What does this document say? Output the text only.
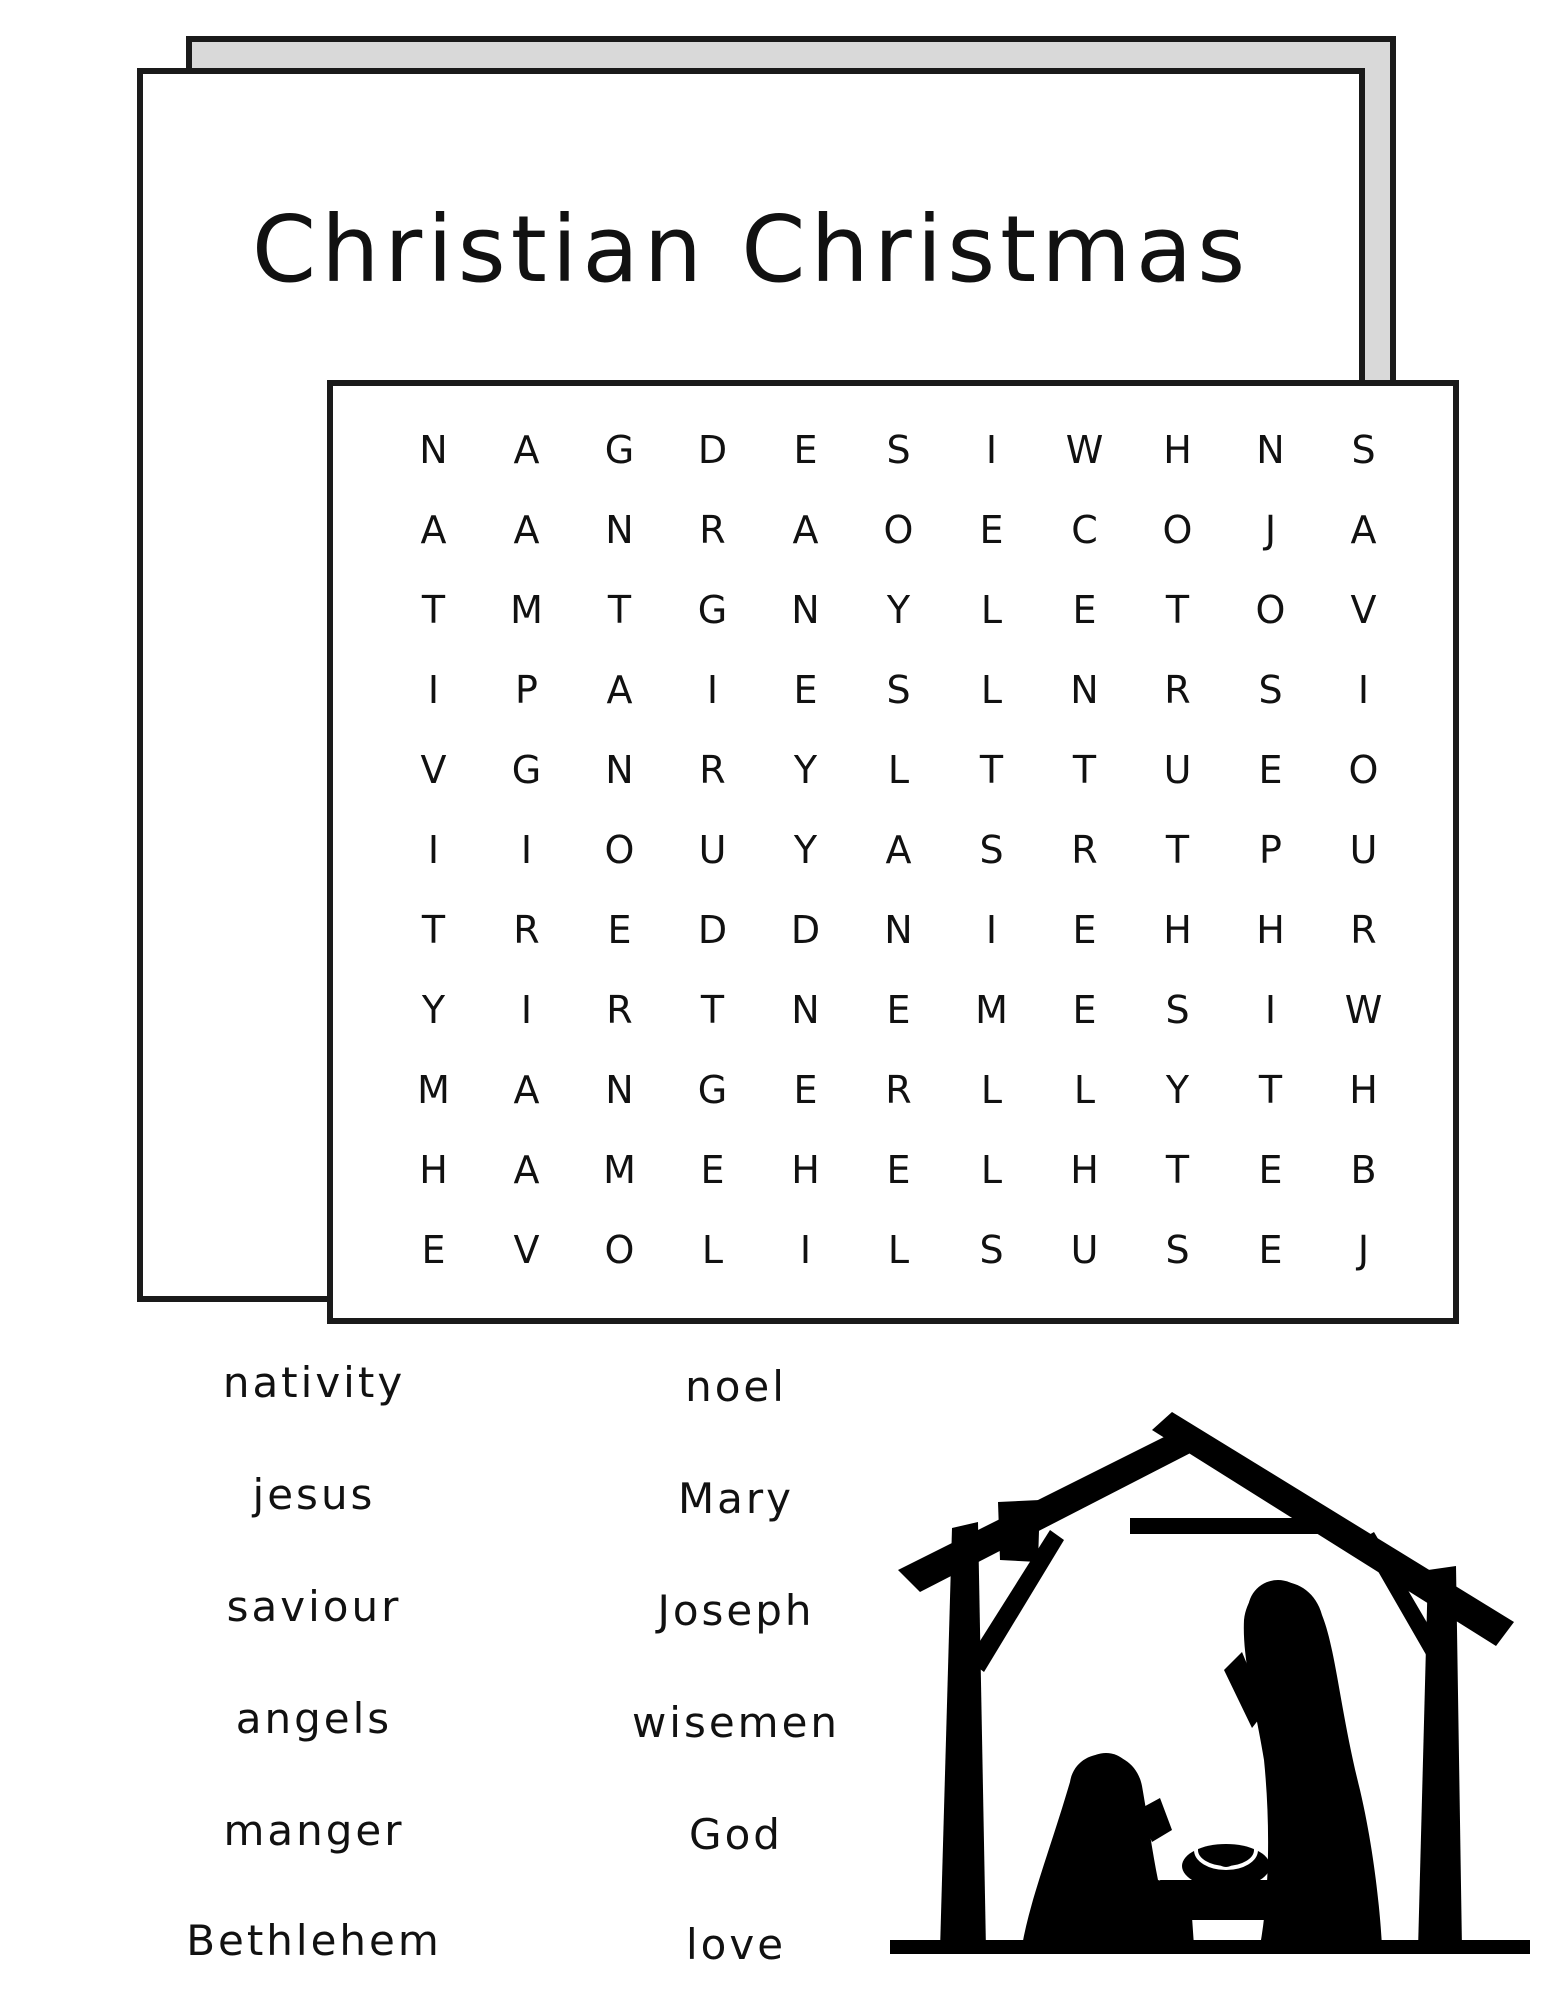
Christian Christmas
N	A	G	D	E	S	I	W	H	N	S
A	A	N	R	A	O	E	C	O	J	A
T	M	T	G	N	Y	L	E	T	O	V
I	P	A	I	E	S	L	N	R	S	I
V	G	N	R	Y	L	T	T	U	E	O
I	I	O	U	Y	A	S	R	T	P	U
T	R	E	D	D	N	I	E	H	H	R
Y	I	R	T	N	E	M	E	S	I	W
M	A	N	G	E	R	L	L	Y	T	H
H	A	M	E	H	E	L	H	T	E	B
E	V	O	L	I	L	S	U	S	E	J
nativity
jesus
saviour
angels
manger
Bethlehem
noel
Mary
Joseph
wisemen
God
love
